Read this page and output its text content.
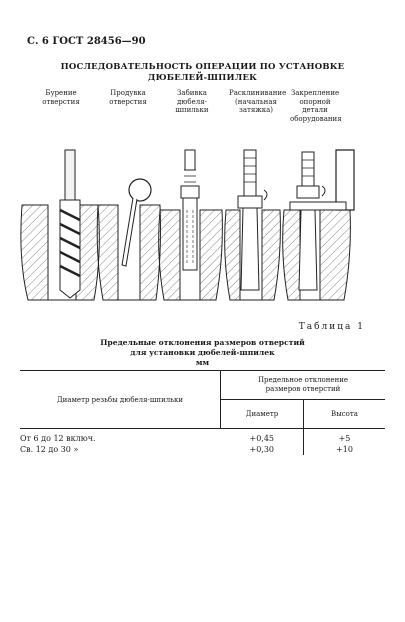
С. 6 ГОСТ 28456—90
ПОСЛЕДОВАТЕЛЬНОСТЬ ОПЕРАЦИИ ПО УСТАНОВКЕ
ДЮБЕЛЕЙ-ШПИЛЕК
Бурение отверстия
Продувка отверстия
Забивка дюбеля-шпильки
Расклинивание (начальная затяжка)
Закрепление опорной детали оборудования
Таблица 1
Предельные отклонения размеров отверстий
для установки дюбелей-шпилек
мм
Диаметр резьбы дюбеля-шпильки	Предельное отклонение
размеров отверстий	
	Диаметр	Высота
От 6 до 12 включ.	+0,45	+5
Св. 12 до 30 »	+0,30	+10
